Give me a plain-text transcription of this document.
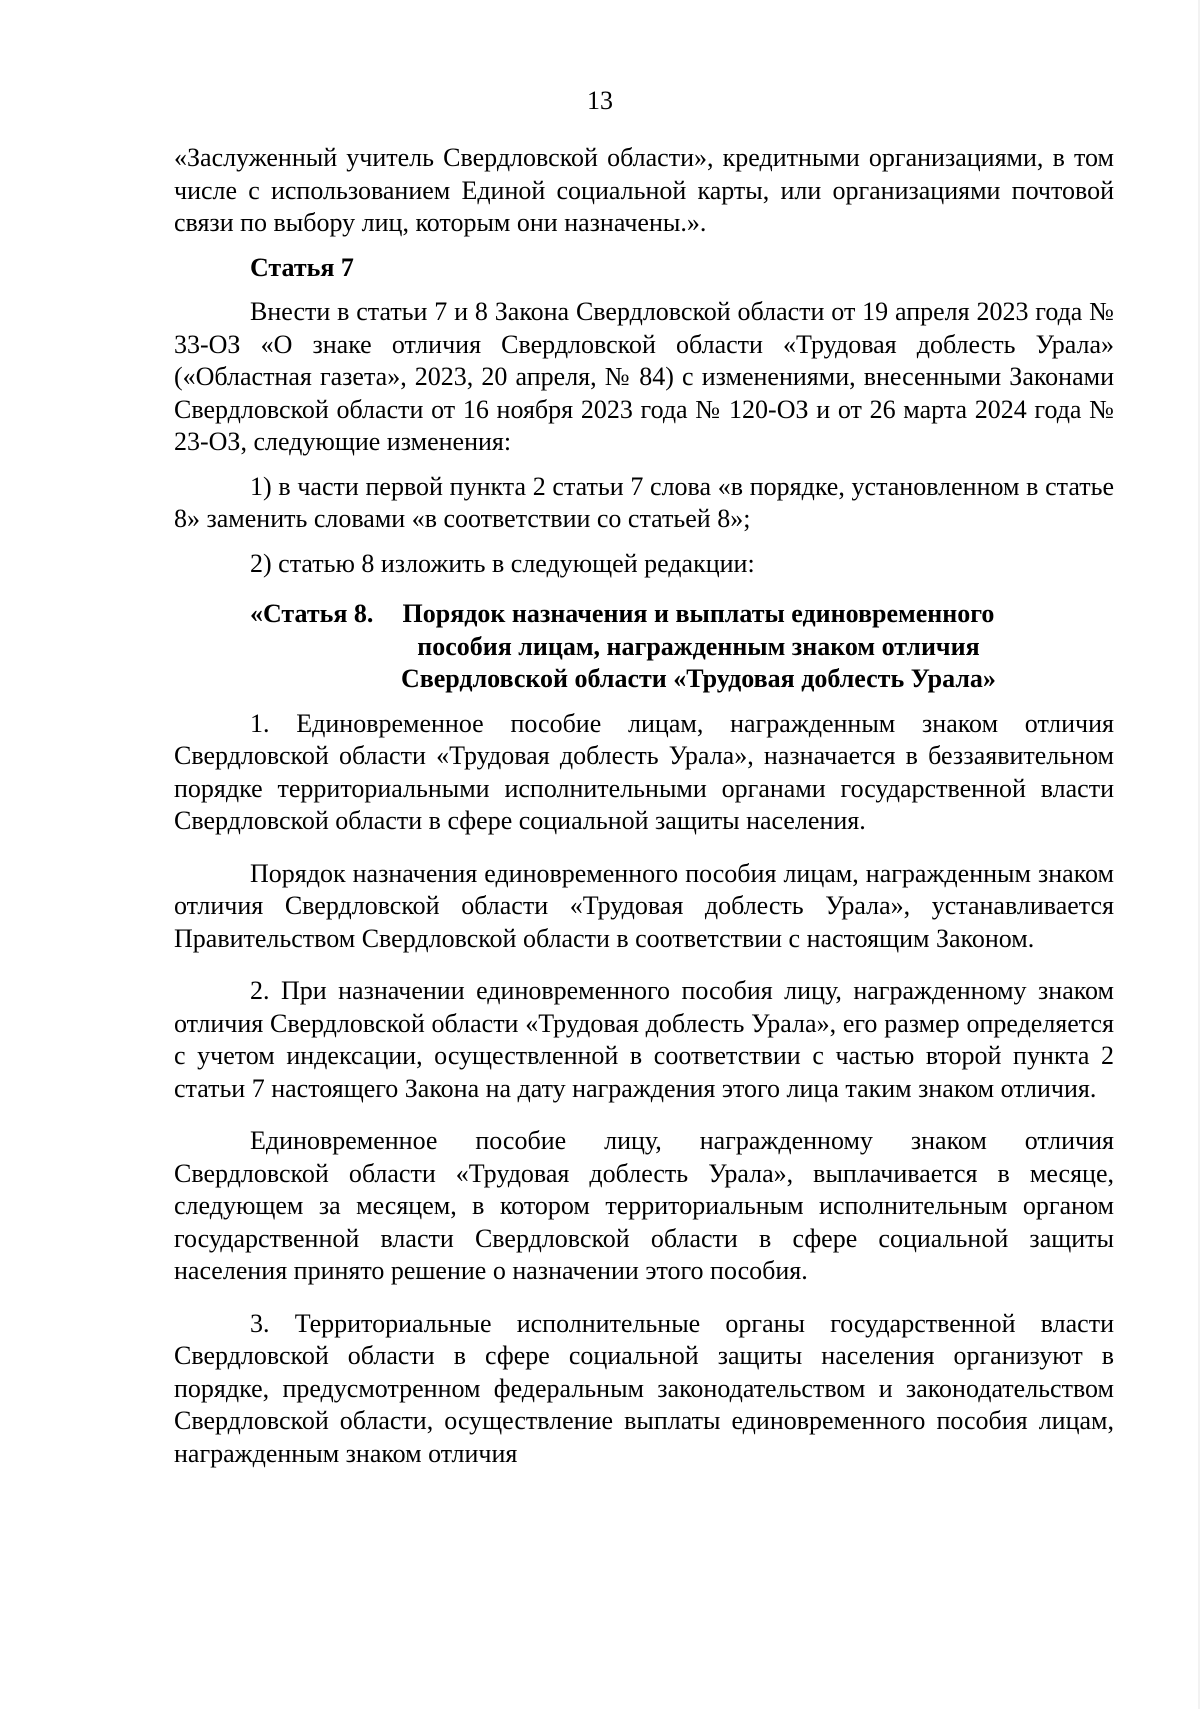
13

«Заслуженный учитель Свердловской области», кредитными организациями, в том числе с использованием Единой социальной карты, или организациями почтовой связи по выбору лиц, которым они назначены.».

Статья 7

Внести в статьи 7 и 8 Закона Свердловской области от 19 апреля 2023 года № 33-ОЗ «О знаке отличия Свердловской области «Трудовая доблесть Урала» («Областная газета», 2023, 20 апреля, № 84) с изменениями, внесенными Законами Свердловской области от 16 ноября 2023 года № 120-ОЗ и от 26 марта 2024 года № 23-ОЗ, следующие изменения:

1) в части первой пункта 2 статьи 7 слова «в порядке, установленном в статье 8» заменить словами «в соответствии со статьей 8»;

2) статью 8 изложить в следующей редакции:

«Статья 8.	Порядок назначения и выплаты единовременного пособия лицам, награжденным знаком отличия Свердловской области «Трудовая доблесть Урала»

1. Единовременное пособие лицам, награжденным знаком отличия Свердловской области «Трудовая доблесть Урала», назначается в беззаявительном порядке территориальными исполнительными органами государственной власти Свердловской области в сфере социальной защиты населения.

Порядок назначения единовременного пособия лицам, награжденным знаком отличия Свердловской области «Трудовая доблесть Урала», устанавливается Правительством Свердловской области в соответствии с настоящим Законом.

2. При назначении единовременного пособия лицу, награжденному знаком отличия Свердловской области «Трудовая доблесть Урала», его размер определяется с учетом индексации, осуществленной в соответствии с частью второй пункта 2 статьи 7 настоящего Закона на дату награждения этого лица таким знаком отличия.

Единовременное пособие лицу, награжденному знаком отличия Свердловской области «Трудовая доблесть Урала», выплачивается в месяце, следующем за месяцем, в котором территориальным исполнительным органом государственной власти Свердловской области в сфере социальной защиты населения принято решение о назначении этого пособия.

3. Территориальные исполнительные органы государственной власти Свердловской области в сфере социальной защиты населения организуют в порядке, предусмотренном федеральным законодательством и законодательством Свердловской области, осуществление выплаты единовременного пособия лицам, награжденным знаком отличия
